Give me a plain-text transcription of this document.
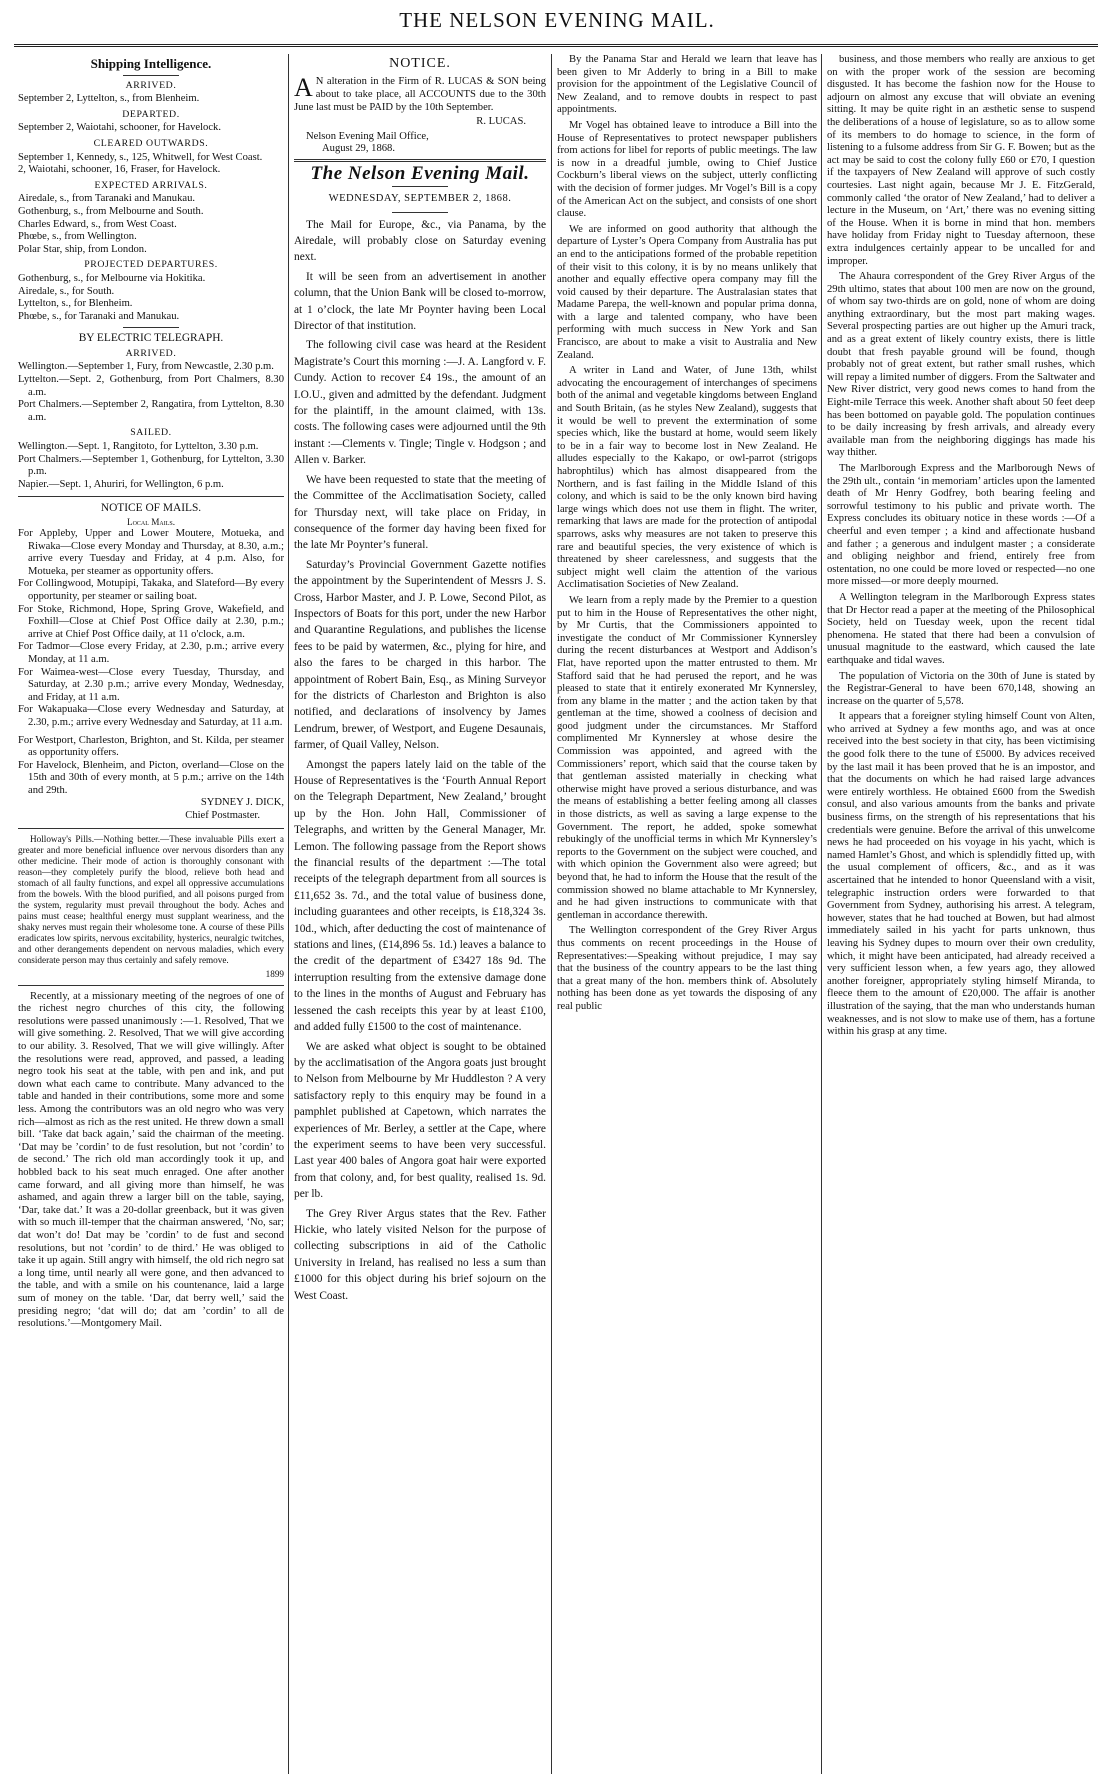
THE NELSON EVENING MAIL.
Shipping Intelligence.
ARRIVED.
September 2, Lyttelton, s., from Blenheim.
DEPARTED.
September 2, Waiotahi, schooner, for Havelock.
CLEARED OUTWARDS.
September 1, Kennedy, s., 125, Whitwell, for West Coast.
2, Waiotahi, schooner, 16, Fraser, for Havelock.
EXPECTED ARRIVALS.
Airedale, s., from Taranaki and Manukau.
Gothenburg, s., from Melbourne and South.
Charles Edward, s., from West Coast.
Phœbe, s., from Wellington.
Polar Star, ship, from London.
PROJECTED DEPARTURES.
Gothenburg, s., for Melbourne via Hokitika.
Airedale, s., for South.
Lyttelton, s., for Blenheim.
Phœbe, s., for Taranaki and Manukau.
BY ELECTRIC TELEGRAPH.
ARRIVED.
Wellington.—September 1, Fury, from Newcastle, 2.30 p.m.
Lyttelton.—Sept. 2, Gothenburg, from Port Chalmers, 8.30 a.m.
Port Chalmers.—September 2, Rangatira, from Lyttelton, 8.30 a.m.
SAILED.
Wellington.—Sept. 1, Rangitoto, for Lyttelton, 3.30 p.m.
Port Chalmers.—September 1, Gothenburg, for Lyttelton, 3.30 p.m.
Napier.—Sept. 1, Ahuriri, for Wellington, 6 p.m.
NOTICE OF MAILS.
Local Mails.
For Appleby, Upper and Lower Moutere, Motueka, and Riwaka—Close every Monday and Thursday, at 8.30, a.m.; arrive every Tuesday and Friday, at 4 p.m. Also, for Motueka, per steamer as opportunity offers.
For Collingwood, Motupipi, Takaka, and Slateford—By every opportunity, per steamer or sailing boat.
For Stoke, Richmond, Hope, Spring Grove, Wakefield, and Foxhill—Close at Chief Post Office daily at 2.30, p.m.; arrive at Chief Post Office daily, at 11 o'clock, a.m.
For Tadmor—Close every Friday, at 2.30, p.m.; arrive every Monday, at 11 a.m.
For Waimea-west—Close every Tuesday, Thursday, and Saturday, at 2.30 p.m.; arrive every Monday, Wednesday, and Friday, at 11 a.m.
For Wakapuaka—Close every Wednesday and Saturday, at 2.30, p.m.; arrive every Wednesday and Saturday, at 11 a.m.
For Westport, Charleston, Brighton, and St. Kilda, per steamer as opportunity offers.
For Havelock, Blenheim, and Picton, overland—Close on the 15th and 30th of every month, at 5 p.m.; arrive on the 14th and 29th.
SYDNEY J. DICK,
Chief Postmaster.

Holloway's Pills.—Nothing better.—These invaluable Pills exert a greater and more beneficial influence over nervous disorders than any other medicine. Their mode of action is thoroughly consonant with reason—they completely purify the blood, relieve both head and stomach of all faulty functions, and expel all oppressive accumulations from the bowels. With the blood purified, and all poisons purged from the system, regularity must prevail throughout the body. Aches and pains must cease; healthful energy must supplant weariness, and the shaky nerves must regain their wholesome tone. A course of these Pills eradicates low spirits, nervous excitability, hysterics, neuralgic twitches, and other derangements dependent on nervous maladies, which every considerate person may thus certainly and safely remove.

1899

Recently, at a missionary meeting of the negroes of one of the richest negro churches of this city, the following resolutions were passed unanimously :—1. Resolved, That we will give something. 2. Resolved, That we will give according to our ability. 3. Resolved, That we will give willingly. After the resolutions were read, approved, and passed, a leading negro took his seat at the table, with pen and ink, and put down what each came to contribute. Many advanced to the table and handed in their contributions, some more and some less. Among the contributors was an old negro who was very rich—almost as rich as the rest united. He threw down a small bill. ‘Take dat back again,’ said the chairman of the meeting. ‘Dat may be ’cordin’ to de fust resolution, but not ’cordin’ to de second.’ The rich old man accordingly took it up, and hobbled back to his seat much enraged. One after another came forward, and all giving more than himself, he was ashamed, and again threw a larger bill on the table, saying, ‘Dar, take dat.’ It was a 20-dollar greenback, but it was given with so much ill-temper that the chairman answered, ‘No, sar; dat won’t do! Dat may be ’cordin’ to de fust and second resolutions, but not ’cordin’ to de third.’ He was obliged to take it up again. Still angry with himself, the old rich negro sat a long time, until nearly all were gone, and then advanced to the table, and with a smile on his countenance, laid a large sum of money on the table. ‘Dar, dat berry well,’ said the presiding negro; ‘dat will do; dat am ’cordin’ to all de resolutions.’—Montgomery Mail.

NOTICE.
A N alteration in the Firm of R. LUCAS & SON being about to take place, all ACCOUNTS due to the 30th June last must be PAID by the 10th September.
R. LUCAS.
Nelson Evening Mail Office,
August 29, 1868.
The Nelson Evening Mail.
WEDNESDAY, SEPTEMBER 2, 1868.

The Mail for Europe, &c., via Panama, by the Airedale, will probably close on Saturday evening next.

It will be seen from an advertisement in another column, that the Union Bank will be closed to-morrow, at 1 o’clock, the late Mr Poynter having been Local Director of that institution.

The following civil case was heard at the Resident Magistrate’s Court this morning :—J. A. Langford v. F. Cundy. Action to recover £4 19s., the amount of an I.O.U., given and admitted by the defendant. Judgment for the plaintiff, in the amount claimed, with 13s. costs. The following cases were adjourned until the 9th instant :—Clements v. Tingle; Tingle v. Hodgson ; and Allen v. Barker.

We have been requested to state that the meeting of the Committee of the Acclimatisation Society, called for Thursday next, will take place on Friday, in consequence of the former day having been fixed for the late Mr Poynter’s funeral.

Saturday’s Provincial Government Gazette notifies the appointment by the Superintendent of Messrs J. S. Cross, Harbor Master, and J. P. Lowe, Second Pilot, as Inspectors of Boats for this port, under the new Harbor and Quarantine Regulations, and publishes the license fees to be paid by watermen, &c., plying for hire, and also the fares to be charged in this harbor. The appointment of Robert Bain, Esq., as Mining Surveyor for the districts of Charleston and Brighton is also notified, and declarations of insolvency by James Lendrum, brewer, of Westport, and Eugene Desaunais, farmer, of Quail Valley, Nelson.

Amongst the papers lately laid on the table of the House of Representatives is the ‘Fourth Annual Report on the Telegraph Department, New Zealand,’ brought up by the Hon. John Hall, Commissioner of Telegraphs, and written by the General Manager, Mr. Lemon. The following passage from the Report shows the financial results of the department :—The total receipts of the telegraph department from all sources is £11,652 3s. 7d., and the total value of business done, including guarantees and other receipts, is £18,324 3s. 10d., which, after deducting the cost of maintenance of stations and lines, (£14,896 5s. 1d.) leaves a balance to the credit of the department of £3427 18s 9d. The interruption resulting from the extensive damage done to the lines in the months of August and February has lessened the cash receipts this year by at least £100, and added fully £1500 to the cost of maintenance.

We are asked what object is sought to be obtained by the acclimatisation of the Angora goats just brought to Nelson from Melbourne by Mr Huddleston ? A very satisfactory reply to this enquiry may be found in a pamphlet published at Capetown, which narrates the experiences of Mr. Berley, a settler at the Cape, where the experiment seems to have been very successful. Last year 400 bales of Angora goat hair were exported from that colony, and, for best quality, realised 1s. 9d. per lb.

The Grey River Argus states that the Rev. Father Hickie, who lately visited Nelson for the purpose of collecting subscriptions in aid of the Catholic University in Ireland, has realised no less a sum than £1000 for this object during his brief sojourn on the West Coast.

By the Panama Star and Herald we learn that leave has been given to Mr Adderly to bring in a Bill to make provision for the appointment of the Legislative Council of New Zealand, and to remove doubts in respect to past appointments.

Mr Vogel has obtained leave to introduce a Bill into the House of Representatives to protect newspaper publishers from actions for libel for reports of public meetings. The law is now in a dreadful jumble, owing to Chief Justice Cockburn’s liberal views on the subject, utterly conflicting with the decision of former judges. Mr Vogel’s Bill is a copy of the American Act on the subject, and consists of one short clause.

We are informed on good authority that although the departure of Lyster’s Opera Company from Australia has put an end to the anticipations formed of the probable repetition of their visit to this colony, it is by no means unlikely that another and equally effective opera company may fill the void caused by their departure. The Australasian states that Madame Parepa, the well-known and popular prima donna, with a large and talented company, who have been performing with much success in New York and San Francisco, are about to make a visit to Australia and New Zealand.

A writer in Land and Water, of June 13th, whilst advocating the encouragement of interchanges of specimens both of the animal and vegetable kingdoms between England and South Britain, (as he styles New Zealand), suggests that it would be well to prevent the extermination of some species which, like the bustard at home, would seem likely to be in a fair way to become lost in New Zealand. He alludes especially to the Kakapo, or owl-parrot (strigops habrophtilus) which has almost disappeared from the Northern, and is fast failing in the Middle Island of this colony, and which is said to be the only known bird having large wings which does not use them in flight. The writer, remarking that laws are made for the protection of antipodal sparrows, asks why measures are not taken to preserve this rare and beautiful species, the very existence of which is threatened by sheer carelessness, and suggests that the subject might well claim the attention of the various Acclimatisation Societies of New Zealand.

We learn from a reply made by the Premier to a question put to him in the House of Representatives the other night, by Mr Curtis, that the Commissioners appointed to investigate the conduct of Mr Commissioner Kynnersley during the recent disturbances at Westport and Addison’s Flat, have reported upon the matter entrusted to them. Mr Stafford said that he had perused the report, and he was pleased to state that it entirely exonerated Mr Kynnersley, from any blame in the matter ; and the action taken by that gentleman at the time, showed a coolness of decision and good judgment under the circumstances. Mr Stafford complimented Mr Kynnersley at whose desire the Commission was appointed, and agreed with the Commissioners’ report, which said that the course taken by that gentleman assisted materially in checking what otherwise might have proved a serious disturbance, and was the means of establishing a better feeling among all classes in those districts, as well as saving a large expense to the Government. The report, he added, spoke somewhat rebukingly of the unofficial terms in which Mr Kynnersley’s reports to the Government on the subject were couched, and with which opinion the Government also were agreed; but beyond that, he had to inform the House that the result of the commission showed no blame attachable to Mr Kynnersley, and he had given instructions to communicate with that gentleman in accordance therewith.

The Wellington correspondent of the Grey River Argus thus comments on recent proceedings in the House of Representatives:—Speaking without prejudice, I may say that the business of the country appears to be the last thing that a great many of the hon. members think of. Absolutely nothing has been done as yet towards the disposing of any real public

business, and those members who really are anxious to get on with the proper work of the session are becoming disgusted. It has become the fashion now for the House to adjourn on almost any excuse that will obviate an evening sitting. It may be quite right in an æsthetic sense to suspend the deliberations of a house of legislature, so as to allow some of its members to do homage to science, in the form of listening to a fulsome address from Sir G. F. Bowen; but as the act may be said to cost the colony fully £60 or £70, I question if the taxpayers of New Zealand will approve of such costly courtesies. Last night again, because Mr J. E. FitzGerald, commonly called ‘the orator of New Zealand,’ had to deliver a lecture in the Museum, on ‘Art,’ there was no evening sitting of the House. When it is borne in mind that hon. members have holiday from Friday night to Tuesday afternoon, these extra indulgences certainly appear to be uncalled for and improper.

The Ahaura correspondent of the Grey River Argus of the 29th ultimo, states that about 100 men are now on the ground, of whom say two-thirds are on gold, none of whom are doing anything extraordinary, but the most part making wages. Several prospecting parties are out higher up the Amuri track, and as a great extent of likely country exists, there is little doubt that fresh payable ground will be found, though probably not of great extent, but rather small rushes, which will repay a limited number of diggers. From the Saltwater and New River district, very good news comes to hand from the Eight-mile Terrace this week. Another shaft about 50 feet deep has been bottomed on payable gold. The population continues to be daily increasing by fresh arrivals, and already every available man from the neighboring diggings has made his way thither.

The Marlborough Express and the Marlborough News of the 29th ult., contain ‘in memoriam’ articles upon the lamented death of Mr Henry Godfrey, both bearing feeling and sorrowful testimony to his public and private worth. The Express concludes its obituary notice in these words :—Of a cheerful and even temper ; a kind and affectionate husband and father ; a generous and indulgent master ; a considerate and obliging neighbor and friend, entirely free from ostentation, no one could be more loved or respected—no one more missed—or more deeply mourned.

A Wellington telegram in the Marlborough Express states that Dr Hector read a paper at the meeting of the Philosophical Society, held on Tuesday week, upon the recent tidal phenomena. He stated that there had been a convulsion of unusual magnitude to the eastward, which caused the late earthquake and tidal waves.

The population of Victoria on the 30th of June is stated by the Registrar-General to have been 670,148, showing an increase on the quarter of 5,578.

It appears that a foreigner styling himself Count von Alten, who arrived at Sydney a few months ago, and was at once received into the best society in that city, has been victimising the good folk there to the tune of £5000. By advices received by the last mail it has been proved that he is an impostor, and that the documents on which he had raised large advances were entirely worthless. He obtained £600 from the Swedish consul, and also various amounts from the banks and private business firms, on the strength of his representations that his credentials were genuine. Before the arrival of this unwelcome news he had proceeded on his voyage in his yacht, which is named Hamlet’s Ghost, and which is splendidly fitted up, with the usual complement of officers, &c., and as it was ascertained that he intended to honor Queensland with a visit, telegraphic instruction orders were forwarded to that Government from Sydney, authorising his arrest. A telegram, however, states that he had touched at Bowen, but had almost immediately sailed in his yacht for parts unknown, thus leaving his Sydney dupes to mourn over their own credulity, which, it might have been anticipated, had already received a very sufficient lesson when, a few years ago, they allowed another foreigner, appropriately styling himself Miranda, to fleece them to the amount of £20,000. The affair is another illustration of the saying, that the man who understands human weaknesses, and is not slow to make use of them, has a fortune within his grasp at any time.
